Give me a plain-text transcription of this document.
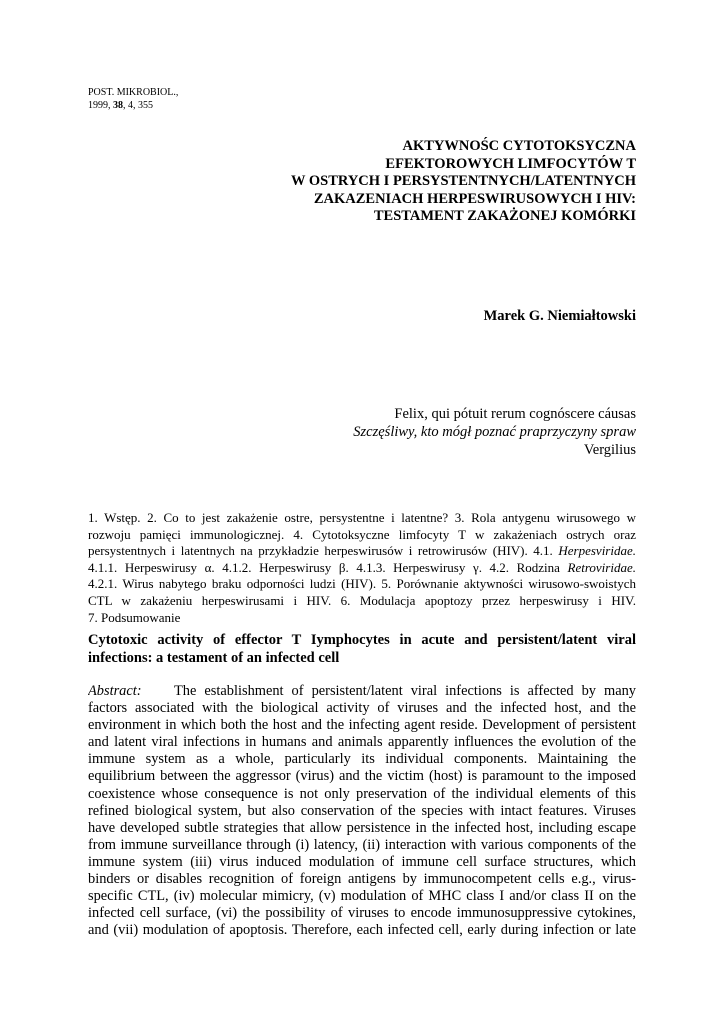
POST. MIKROBIOL.,
1999, 38, 4, 355
AKTYWNOŚC CYTOTOKSYCZNA
EFEKTOROWYCH LIMFOCYTÓW T
W OSTRYCH I PERSYSTENTNYCH/LATENTNYCH
ZAKAZENIACH HERPESWIRUSOWYCH I HIV:
TESTAMENT ZAKAŻONEJ KOMÓRKI
Marek G. Niemiałtowski
Felix, qui pótuit rerum cognóscere cáusas
Szczęśliwy, kto mógł poznać praprzyczyny spraw
Vergilius
1. Wstęp. 2. Co to jest zakażenie ostre, persystentne i latentne? 3. Rola antygenu wirusowego w
rozwoju pamięci immunologicznej. 4. Cytotoksyczne limfocyty T w zakażeniach ostrych oraz
persystentnych i latentnych na przykładzie herpeswirusów i retrowirusów (HIV). 4.1. Herpesviridae.
4.1.1. Herpeswirusy α. 4.1.2. Herpeswirusy β. 4.1.3. Herpeswirusy γ. 4.2. Rodzina Retroviridae.
4.2.1. Wirus nabytego braku odporności ludzi (HIV). 5. Porównanie aktywności wirusowo-swoistych
CTL w zakażeniu herpeswirusami i HIV. 6. Modulacja apoptozy przez herpeswirusy i HIV.
7. Podsumowanie
Cytotoxic activity of effector T Iymphocytes in acute and persistent/latent viral
infections: a testament of an infected cell
Abstract: The establishment of persistent/latent viral infections is affected by many
factors associated with the biological activity of viruses and the infected host, and the
environment in which both the host and the infecting agent reside. Development of persistent
and latent viral infections in humans and animals apparently influences the evolution of the
immune system as a whole, particularly its individual components. Maintaining the
equilibrium between the aggressor (virus) and the victim (host) is paramount to the imposed
coexistence whose consequence is not only preservation of the individual elements of this
refined biological system, but also conservation of the species with intact features. Viruses
have developed subtle strategies that allow persistence in the infected host, including escape
from immune surveillance through (i) latency, (ii) interaction with various components of the
immune system (iii) virus induced modulation of immune cell surface structures, which
binders or disables recognition of foreign antigens by immunocompetent cells e.g., virus-
specific CTL, (iv) molecular mimicry, (v) modulation of MHC class I and/or class II on the
infected cell surface, (vi) the possibility of viruses to encode immunosuppressive cytokines,
and (vii) modulation of apoptosis. Therefore, each infected cell, early during infection or late
